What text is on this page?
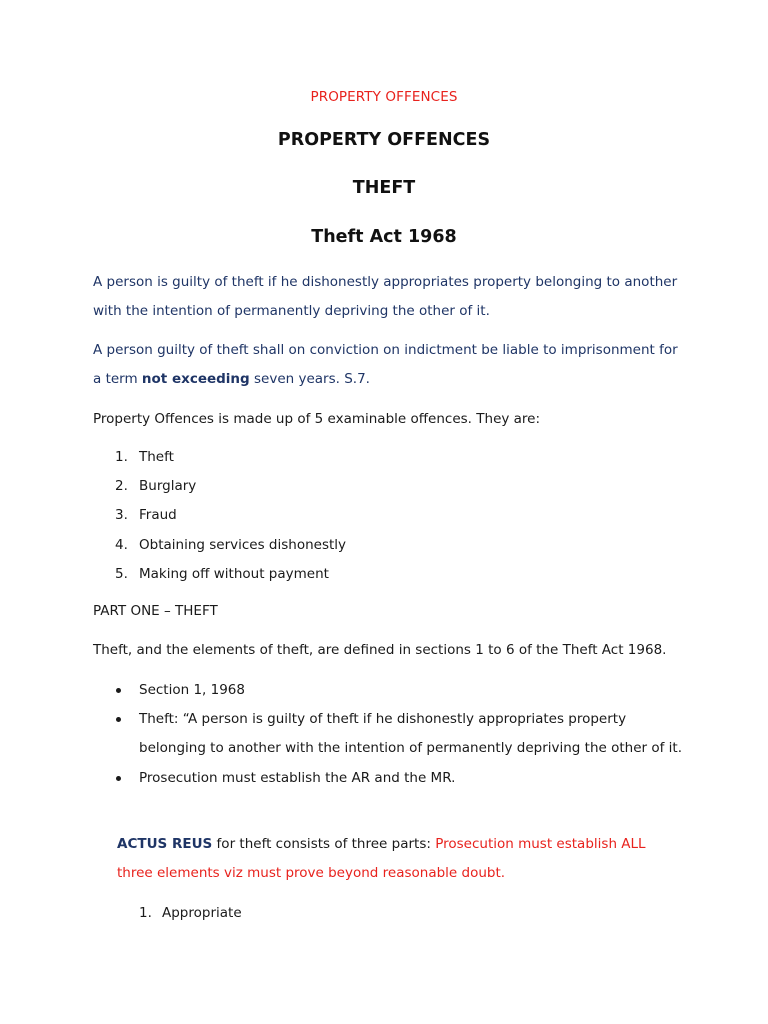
PROPERTY OFFENCES
PROPERTY OFFENCES
THEFT
Theft Act 1968
A person is guilty of theft if he dishonestly appropriates property belonging to another with the intention of permanently depriving the other of it.
A person guilty of theft shall on conviction on indictment be liable to imprisonment for a term not exceeding seven years. S.7.
Property Offences is made up of 5 examinable offences. They are:
1. Theft
2. Burglary
3. Fraud
4. Obtaining services dishonestly
5. Making off without payment
PART ONE – THEFT
Theft, and the elements of theft, are defined in sections 1 to 6 of the Theft Act 1968.
Section 1, 1968
Theft: “A person is guilty of theft if he dishonestly appropriates property belonging to another with the intention of permanently depriving the other of it.
Prosecution must establish the AR and the MR.
ACTUS REUS for theft consists of three parts: Prosecution must establish ALL three elements viz must prove beyond reasonable doubt.
1. Appropriate
